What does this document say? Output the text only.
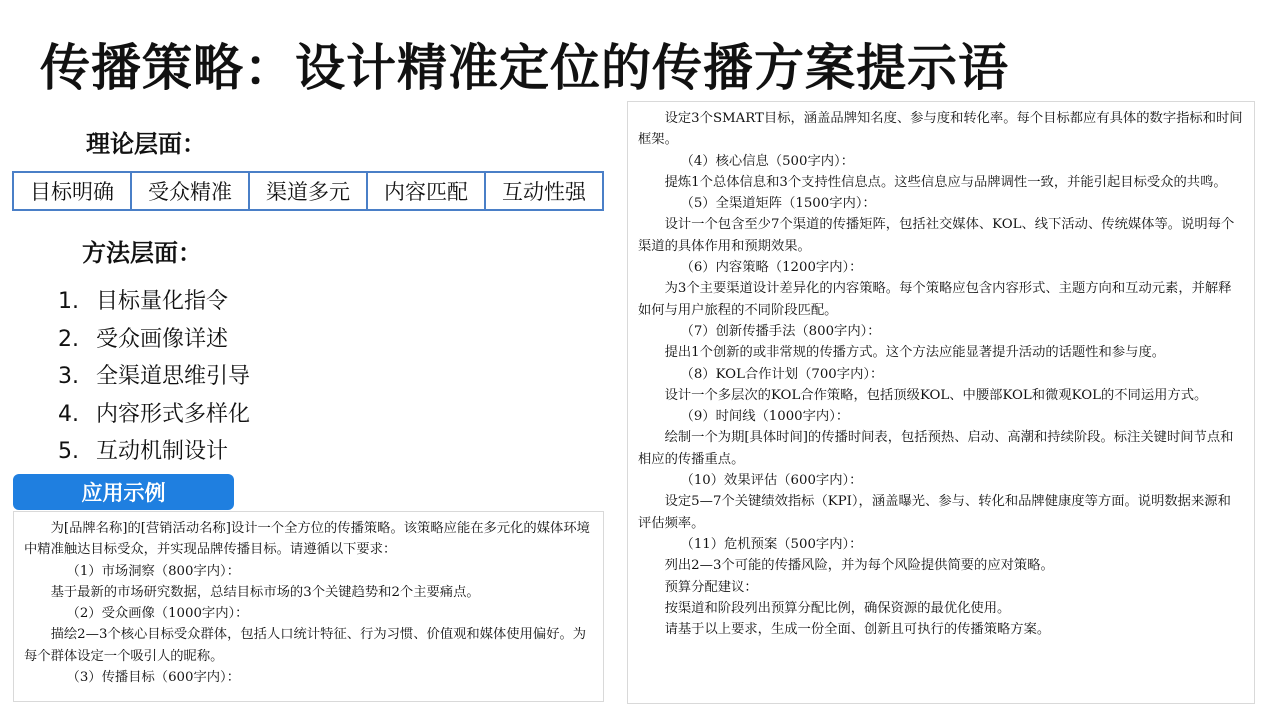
传播策略：设计精准定位的传播方案提示语
理论层面：
目标明确	受众精准	渠道多元	内容匹配	互动性强
方法层面：
1. 目标量化指令
2. 受众画像详述
3. 全渠道思维引导
4. 内容形式多样化
5. 互动机制设计
应用示例

为[品牌名称]的[营销活动名称]设计一个全方位的传播策略。该策略应能在多元化的媒体环境中精准触达目标受众，并实现品牌传播目标。请遵循以下要求：

（1）市场洞察（800字内）：

基于最新的市场研究数据，总结目标市场的3个关键趋势和2个主要痛点。

（2）受众画像（1000字内）：

描绘2—3个核心目标受众群体，包括人口统计特征、行为习惯、价值观和媒体使用偏好。为每个群体设定一个吸引人的昵称。

（3）传播目标（600字内）：

设定3个SMART目标，涵盖品牌知名度、参与度和转化率。每个目标都应有具体的数字指标和时间框架。

（4）核心信息（500字内）：

提炼1个总体信息和3个支持性信息点。这些信息应与品牌调性一致，并能引起目标受众的共鸣。

（5）全渠道矩阵（1500字内）：

设计一个包含至少7个渠道的传播矩阵，包括社交媒体、KOL、线下活动、传统媒体等。说明每个渠道的具体作用和预期效果。

（6）内容策略（1200字内）：

为3个主要渠道设计差异化的内容策略。每个策略应包含内容形式、主题方向和互动元素，并解释如何与用户旅程的不同阶段匹配。

（7）创新传播手法（800字内）：

提出1个创新的或非常规的传播方式。这个方法应能显著提升活动的话题性和参与度。

（8）KOL合作计划（700字内）：

设计一个多层次的KOL合作策略，包括顶级KOL、中腰部KOL和微观KOL的不同运用方式。

（9）时间线（1000字内）：

绘制一个为期[具体时间]的传播时间表，包括预热、启动、高潮和持续阶段。标注关键时间节点和相应的传播重点。

（10）效果评估（600字内）：

设定5—7个关键绩效指标（KPI），涵盖曝光、参与、转化和品牌健康度等方面。说明数据来源和评估频率。

（11）危机预案（500字内）：

列出2—3个可能的传播风险，并为每个风险提供简要的应对策略。

预算分配建议：

按渠道和阶段列出预算分配比例，确保资源的最优化使用。

请基于以上要求，生成一份全面、创新且可执行的传播策略方案。
